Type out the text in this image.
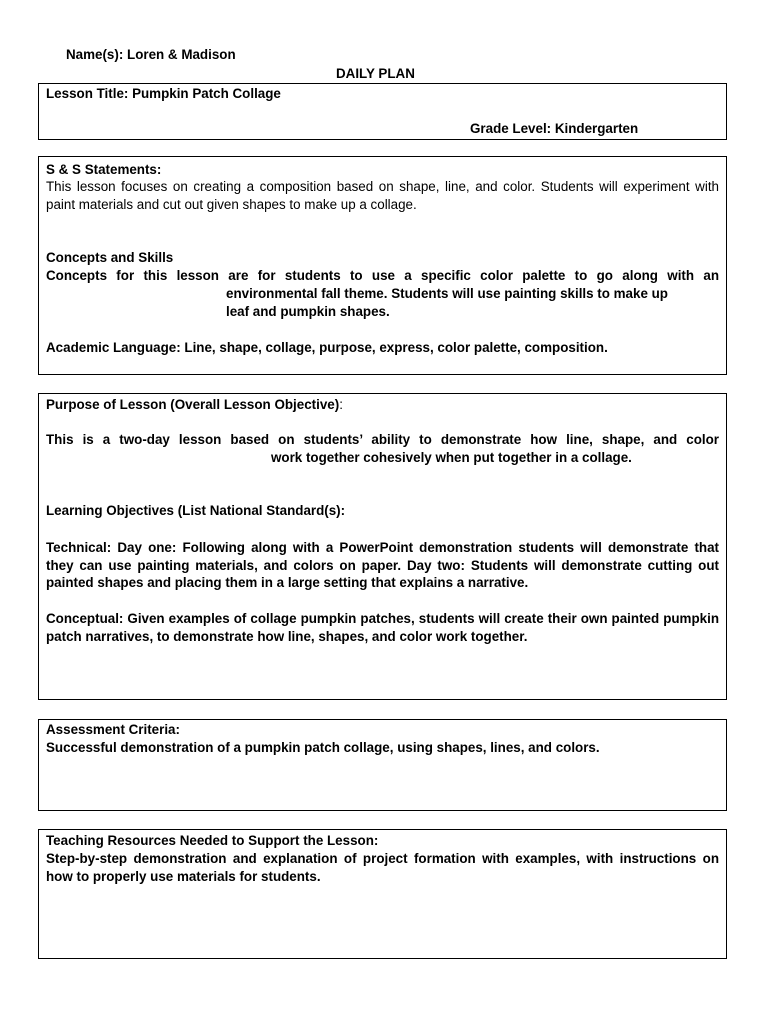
Name(s): Loren & Madison
DAILY PLAN
Lesson Title: Pumpkin Patch Collage
Grade Level: Kindergarten
S & S Statements:
This lesson focuses on creating a composition based on shape, line, and color. Students will experiment with paint materials and cut out given shapes to make up a collage.
Concepts and Skills
Concepts for this lesson are for students to use a specific color palette to go along with an
environmental fall theme. Students will use painting skills to make up
leaf and pumpkin shapes.
Academic Language: Line, shape, collage, purpose, express, color palette, composition.
Purpose of Lesson (Overall Lesson Objective):
This is a two-day lesson based on students’ ability to demonstrate how line, shape, and color
work together cohesively when put together in a collage.
Learning Objectives (List National Standard(s):
Technical: Day one: Following along with a PowerPoint demonstration students will demonstrate that they can use painting materials, and colors on paper. Day two: Students will demonstrate cutting out painted shapes and placing them in a large setting that explains a narrative.
Conceptual: Given examples of collage pumpkin patches, students will create their own painted pumpkin patch narratives, to demonstrate how line, shapes, and color work together.
Assessment Criteria:
Successful demonstration of a pumpkin patch collage, using shapes, lines, and colors.
Teaching Resources Needed to Support the Lesson:
Step-by-step demonstration and explanation of project formation with examples, with instructions on how to properly use materials for students.
